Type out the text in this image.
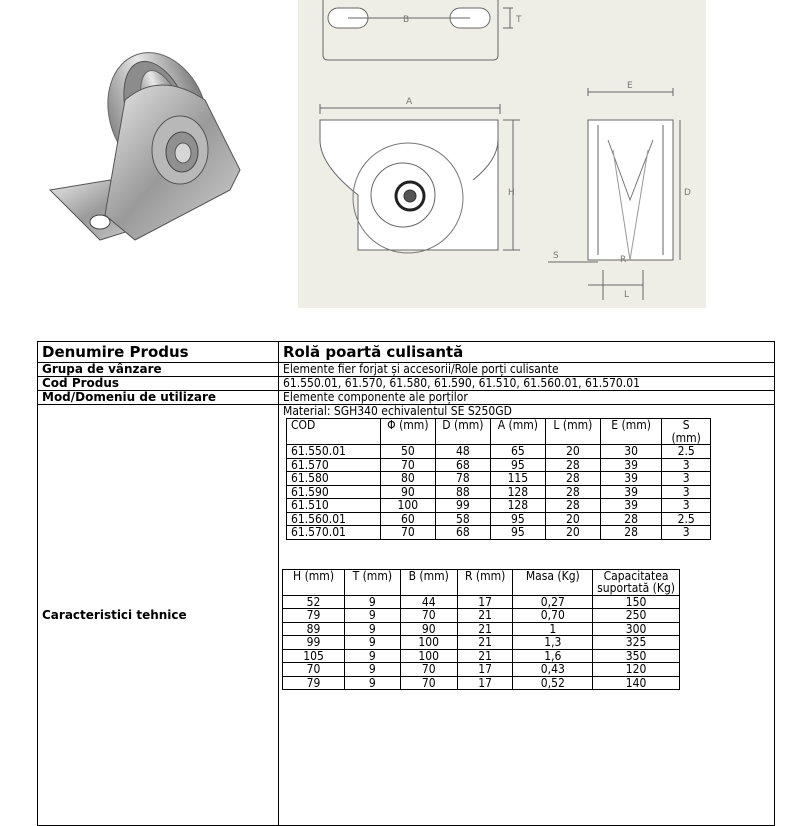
B	T
A
H
E
D
S	R
L
Denumire Produs	Rolă poartă culisantă
Grupa de vânzare	Elemente fier forjat și accesorii/Role porți culisante
Cod Produs	61.550.01, 61.570, 61.580, 61.590, 61.510, 61.560.01, 61.570.01
Mod/Domeniu de utilizare	Elemente componente ale porților
Caracteristici tehnice	
Material: SGH340 echivalentul SE S250GD
COD	Φ (mm)	D (mm)	A (mm)	L (mm)	E (mm)	S (mm)
61.550.01	50	48	65	20	30	2.5
61.570	70	68	95	28	39	3
61.580	80	78	115	28	39	3
61.590	90	88	128	28	39	3
61.510	100	99	128	28	39	3
61.560.01	60	58	95	20	28	2.5
61.570.01	70	68	95	20	28	3
H (mm)	T (mm)	B (mm)	R (mm)	Masa (Kg)	Capacitatea suportată (Kg)
52	9	44	17	0,27	150
79	9	70	21	0,70	250
89	9	90	21	1	300
99	9	100	21	1,3	325
105	9	100	21	1,6	350
70	9	70	17	0,43	120
79	9	70	17	0,52	140
